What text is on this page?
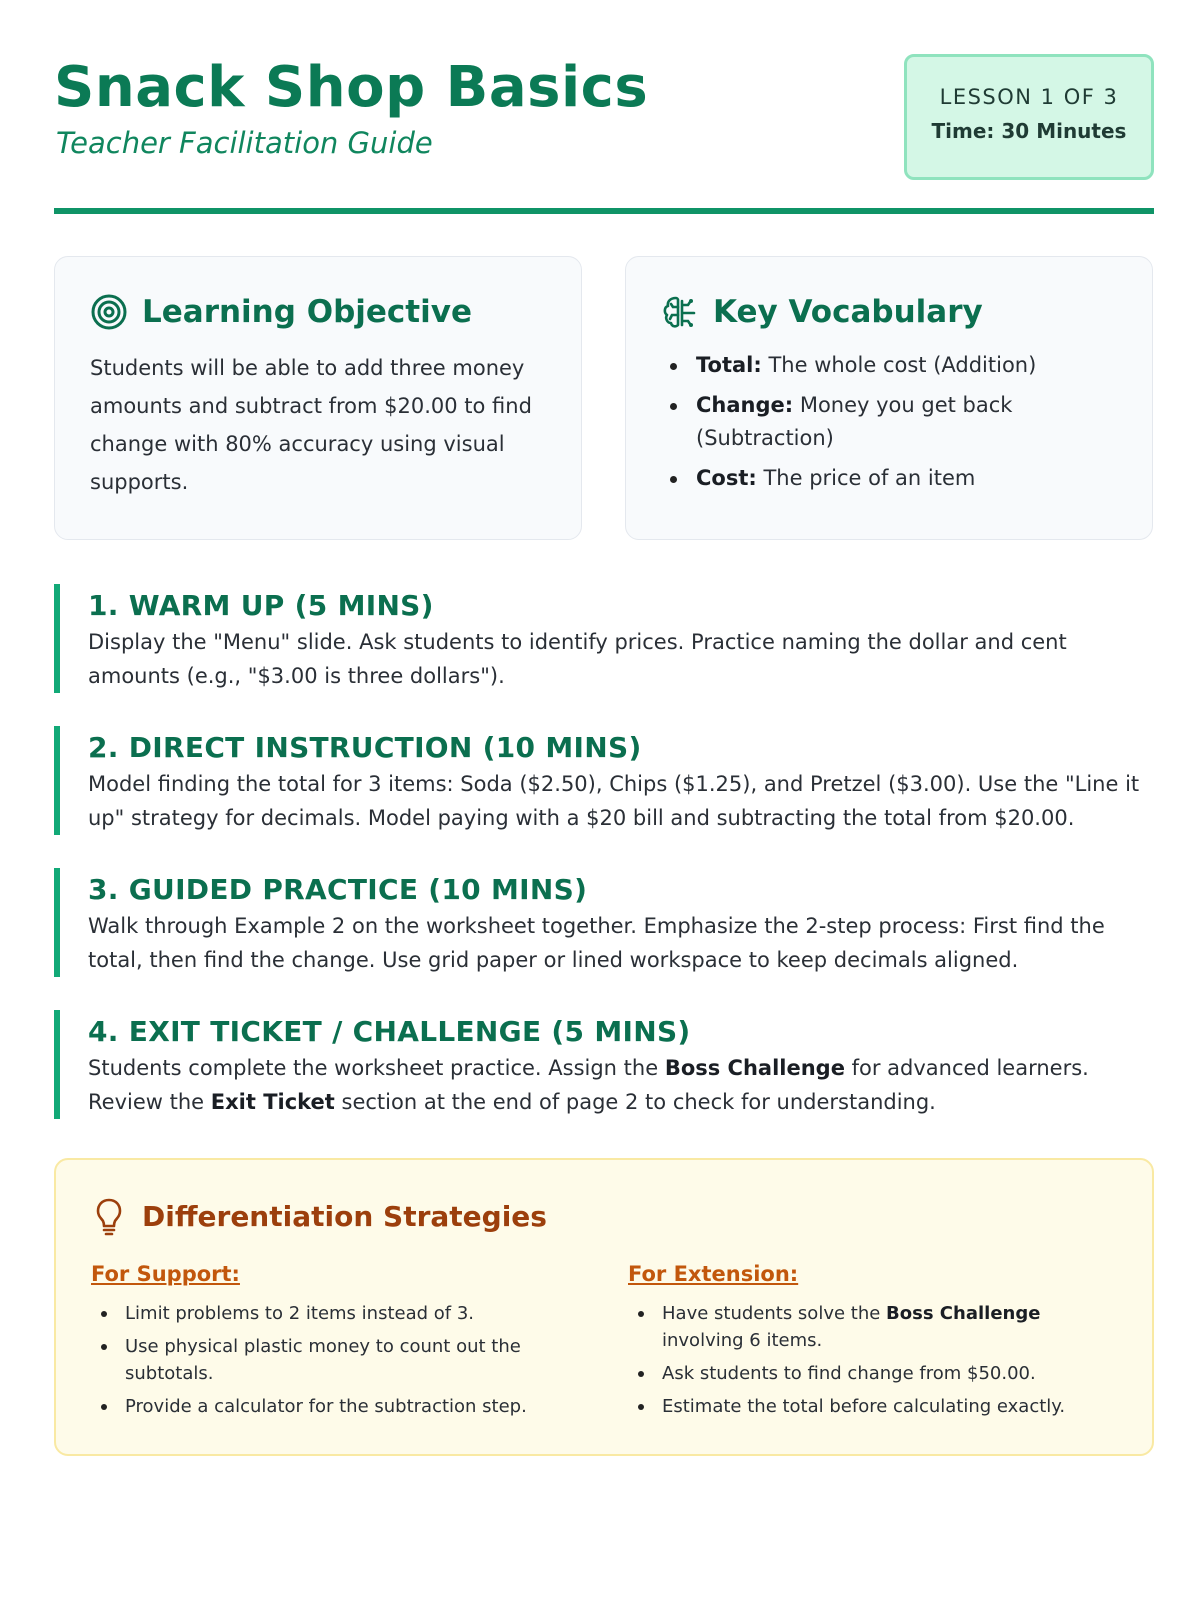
Snack Shop Basics
Teacher Facilitation Guide
LESSON 1 OF 3
Time: 30 Minutes
Learning Objective
Students will be able to add three money amounts and subtract from $20.00 to find change with 80% accuracy using visual supports.
Key Vocabulary
Total: The whole cost (Addition)
Change: Money you get back (Subtraction)
Cost: The price of an item
1. WARM UP (5 MINS)
Display the "Menu" slide. Ask students to identify prices. Practice naming the dollar and cent amounts (e.g., "$3.00 is three dollars").
2. DIRECT INSTRUCTION (10 MINS)
Model finding the total for 3 items: Soda ($2.50), Chips ($1.25), and Pretzel ($3.00). Use the "Line it up" strategy for decimals. Model paying with a $20 bill and subtracting the total from $20.00.
3. GUIDED PRACTICE (10 MINS)
Walk through Example 2 on the worksheet together. Emphasize the 2-step process: First find the total, then find the change. Use grid paper or lined workspace to keep decimals aligned.
4. EXIT TICKET / CHALLENGE (5 MINS)
Students complete the worksheet practice. Assign the Boss Challenge for advanced learners. Review the Exit Ticket section at the end of page 2 to check for understanding.
Differentiation Strategies
For Support:
Limit problems to 2 items instead of 3.
Use physical plastic money to count out the subtotals.
Provide a calculator for the subtraction step.
For Extension:
Have students solve the Boss Challenge involving 6 items.
Ask students to find change from $50.00.
Estimate the total before calculating exactly.
